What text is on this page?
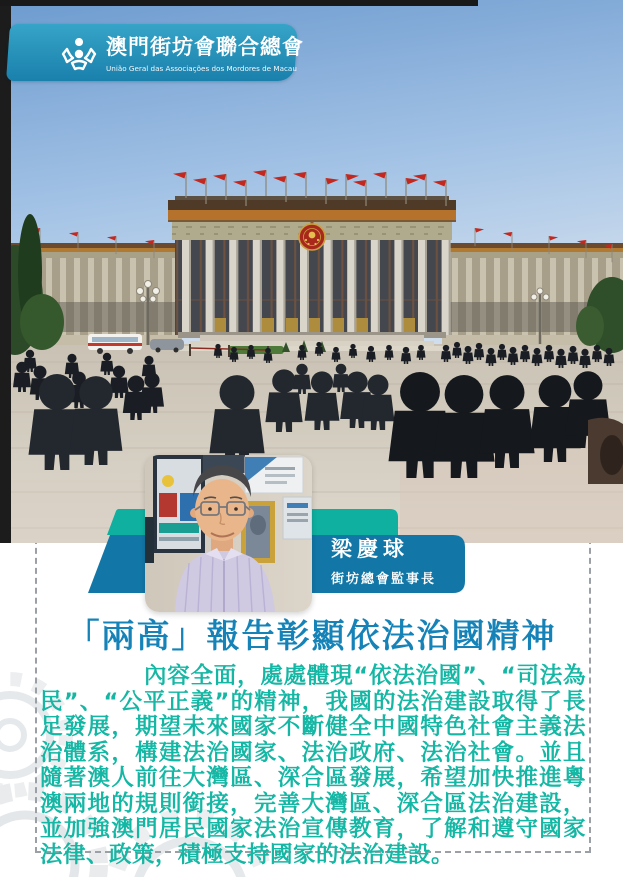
澳門街坊會聯合總會
União Geral das Associações dos Mordores de Macau
梁慶球
街坊總會監事長
「兩高」報告彰顯依法治國精神

內容全面，處處體現“依法治國”、“司法為民”、“公平正義”的精神，我國的法治建設取得了長足發展，期望未來國家不斷健全中國特色社會主義法治體系，構建法治國家、法治政府、法治社會。並且隨著澳人前往大灣區、深合區發展，希望加快推進粵澳兩地的規則銜接，完善大灣區、深合區法治建設，並加強澳門居民國家法治宣傳教育，了解和遵守國家法律、政策，積極支持國家的法治建設。
